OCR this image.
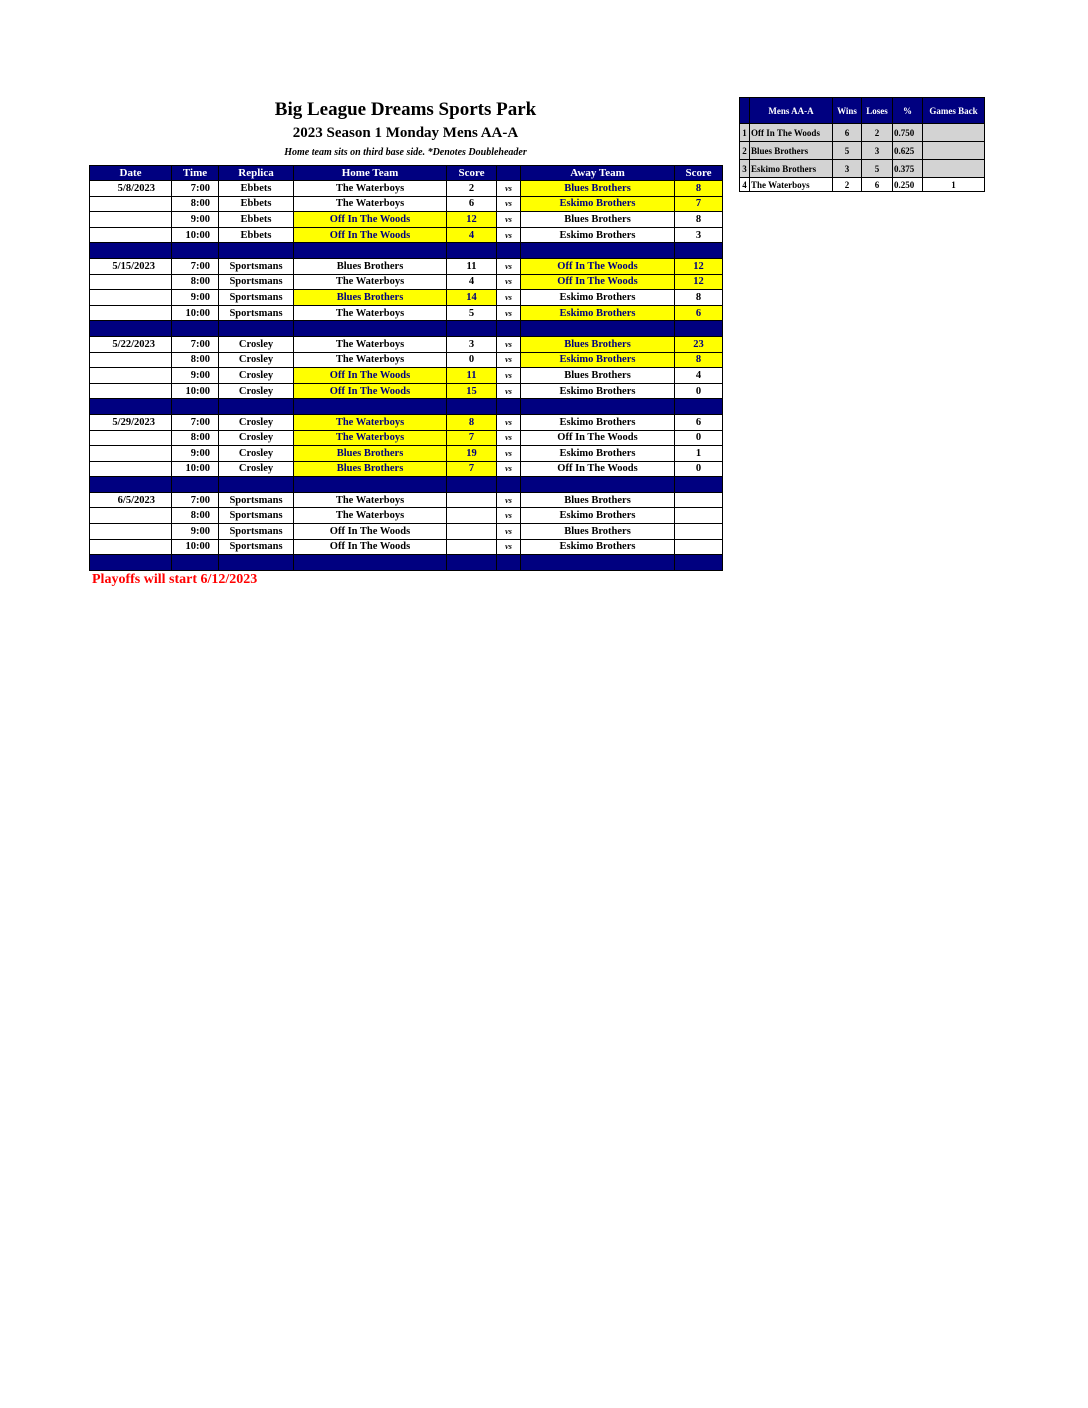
Big League Dreams Sports Park
2023 Season 1 Monday Mens AA-A
Home team sits on third base side. *Denotes Doubleheader
Date	Time	Replica	Home Team	Score		Away Team	Score
5/8/2023	7:00	Ebbets	The Waterboys	2	vs	Blues Brothers	8
	8:00	Ebbets	The Waterboys	6	vs	Eskimo Brothers	7
	9:00	Ebbets	Off In The Woods	12	vs	Blues Brothers	8
	10:00	Ebbets	Off In The Woods	4	vs	Eskimo Brothers	3

5/15/2023	7:00	Sportsmans	Blues Brothers	11	vs	Off In The Woods	12
	8:00	Sportsmans	The Waterboys	4	vs	Off In The Woods	12
	9:00	Sportsmans	Blues Brothers	14	vs	Eskimo Brothers	8
	10:00	Sportsmans	The Waterboys	5	vs	Eskimo Brothers	6

5/22/2023	7:00	Crosley	The Waterboys	3	vs	Blues Brothers	23
	8:00	Crosley	The Waterboys	0	vs	Eskimo Brothers	8
	9:00	Crosley	Off In The Woods	11	vs	Blues Brothers	4
	10:00	Crosley	Off In The Woods	15	vs	Eskimo Brothers	0

5/29/2023	7:00	Crosley	The Waterboys	8	vs	Eskimo Brothers	6
	8:00	Crosley	The Waterboys	7	vs	Off In The Woods	0
	9:00	Crosley	Blues Brothers	19	vs	Eskimo Brothers	1
	10:00	Crosley	Blues Brothers	7	vs	Off In The Woods	0

6/5/2023	7:00	Sportsmans	The Waterboys		vs	Blues Brothers	
	8:00	Sportsmans	The Waterboys		vs	Eskimo Brothers	
	9:00	Sportsmans	Off In The Woods		vs	Blues Brothers	
	10:00	Sportsmans	Off In The Woods		vs	Eskimo Brothers	

	Mens AA-A	Wins	Loses	%	Games Back
1	Off In The Woods	6	2	0.750	
2	Blues Brothers	5	3	0.625	
3	Eskimo Brothers	3	5	0.375	
4	The Waterboys	2	6	0.250	1
Playoffs will start 6/12/2023
